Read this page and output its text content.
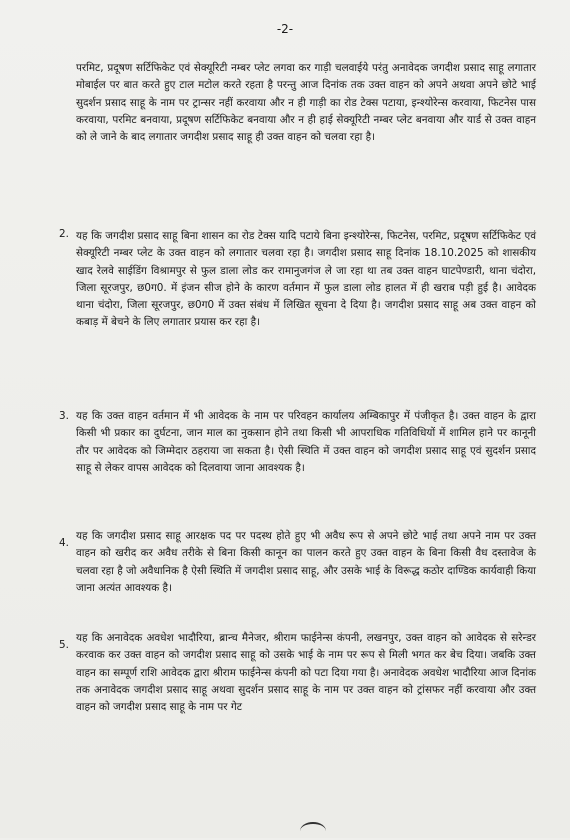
-2-
परमिट, प्रदूषण सर्टिफिकेट एवं सेक्यूरिटी नम्बर प्लेट लगवा कर गाड़ी चलवाईये परंतु अनावेदक जगदीश प्रसाद साहू लगातार मोबाईल पर बात करते हुए टाल मटोल करते रहता है परन्तु आज दिनांक तक उक्त वाहन को अपने अथवा अपने छोटे भाई सुदर्शन प्रसाद साहू के नाम पर ट्रान्सर नहीं करवाया और न ही गाड़ी का रोड टेक्स पटाया, इन्श्योरेन्स करवाया, फिटनेस पास करवाया, परमिट बनवाया, प्रदूषण सर्टिफिकेट बनवाया और न ही हाई सेक्यूरिटी नम्बर प्लेट बनवाया और यार्ड से उक्त वाहन को ले जाने के बाद लगातार जगदीश प्रसाद साहू ही उक्त वाहन को चलवा रहा है।
2. यह कि जगदीश प्रसाद साहू बिना शासन का रोड टेक्स यादि पटाये बिना इन्श्योरेन्स, फिटनेस, परमिट, प्रदूषण सर्टिफिकेट एवं सेक्यूरिटी नम्बर प्लेट के उक्त वाहन को लगातार चलवा रहा है। जगदीश प्रसाद साहू दिनांक 18.10.2025 को शासकीय खाद रेलवे साईडिंग विश्रामपुर से फुल डाला लोड कर रामानुजगंज ले जा रहा था तब उक्त वाहन घाटपेण्डारी, थाना चंदोरा, जिला सूरजपुर, छ0ग0. में इंजन सीज होने के कारण वर्तमान में फुल डाला लोड हालत में ही खराब पड़ी हुई है। आवेदक थाना चंदोरा, जिला सूरजपुर, छ0ग0 में उक्त संबंध में लिखित सूचना दे दिया है। जगदीश प्रसाद साहू अब उक्त वाहन को कबाड़ में बेचने के लिए लगातार प्रयास कर रहा है।
3. यह कि उक्त वाहन वर्तमान में भी आवेदक के नाम पर परिवहन कार्यालय अम्बिकापुर में पंजीकृत है। उक्त वाहन के द्वारा किसी भी प्रकार का दुर्घटना, जान माल का नुकसान होने तथा किसी भी आपराधिक गतिविधियों में शामिल हाने पर कानूनी तौर पर आवेदक को जिम्मेदार ठहराया जा सकता है। ऐसी स्थिति में उक्त वाहन को जगदीश प्रसाद साहू एवं सुदर्शन प्रसाद साहू से लेकर वापस आवेदक को दिलवाया जाना आवश्यक है।
4.
यह कि जगदीश प्रसाद साहू आरक्षक पद पर पदस्थ होते हुए भी अवैध रूप से अपने छोटे भाई तथा अपने नाम पर उक्त वाहन को खरीद कर अवैध तरीके से बिना किसी कानून का पालन करते हुए उक्त वाहन के बिना किसी वैध दस्तावेज के चलवा रहा है जो अवैधानिक है ऐसी स्थिति में जगदीश प्रसाद साहू, और उसके भाई के विरूद्ध कठोर दाण्डिक कार्यवाही किया जाना अत्यंत आवश्यक है।
5.
यह कि अनावेदक अवधेश भादौरिया, ब्रान्च मैनेजर, श्रीराम फाईनेन्स कंपनी, लखनपुर, उक्त वाहन को आवेदक से सरेन्डर करवाक कर उक्त वाहन को जगदीश प्रसाद साहू को उसके भाई के नाम पर रूप से मिली भगत कर बेच दिया। जबकि उक्त वाहन का सम्पूर्ण राशि आवेदक द्वारा श्रीराम फाईनेन्स कंपनी को पटा दिया गया है। अनावेदक अवधेश भादौरिया आज दिनांक तक अनावेदक जगदीश प्रसाद साहू अथवा सुदर्शन प्रसाद साहू के नाम पर उक्त वाहन को ट्रांसफर नहीं करवाया और उक्त वाहन को जगदीश प्रसाद साहू के नाम पर गेट
